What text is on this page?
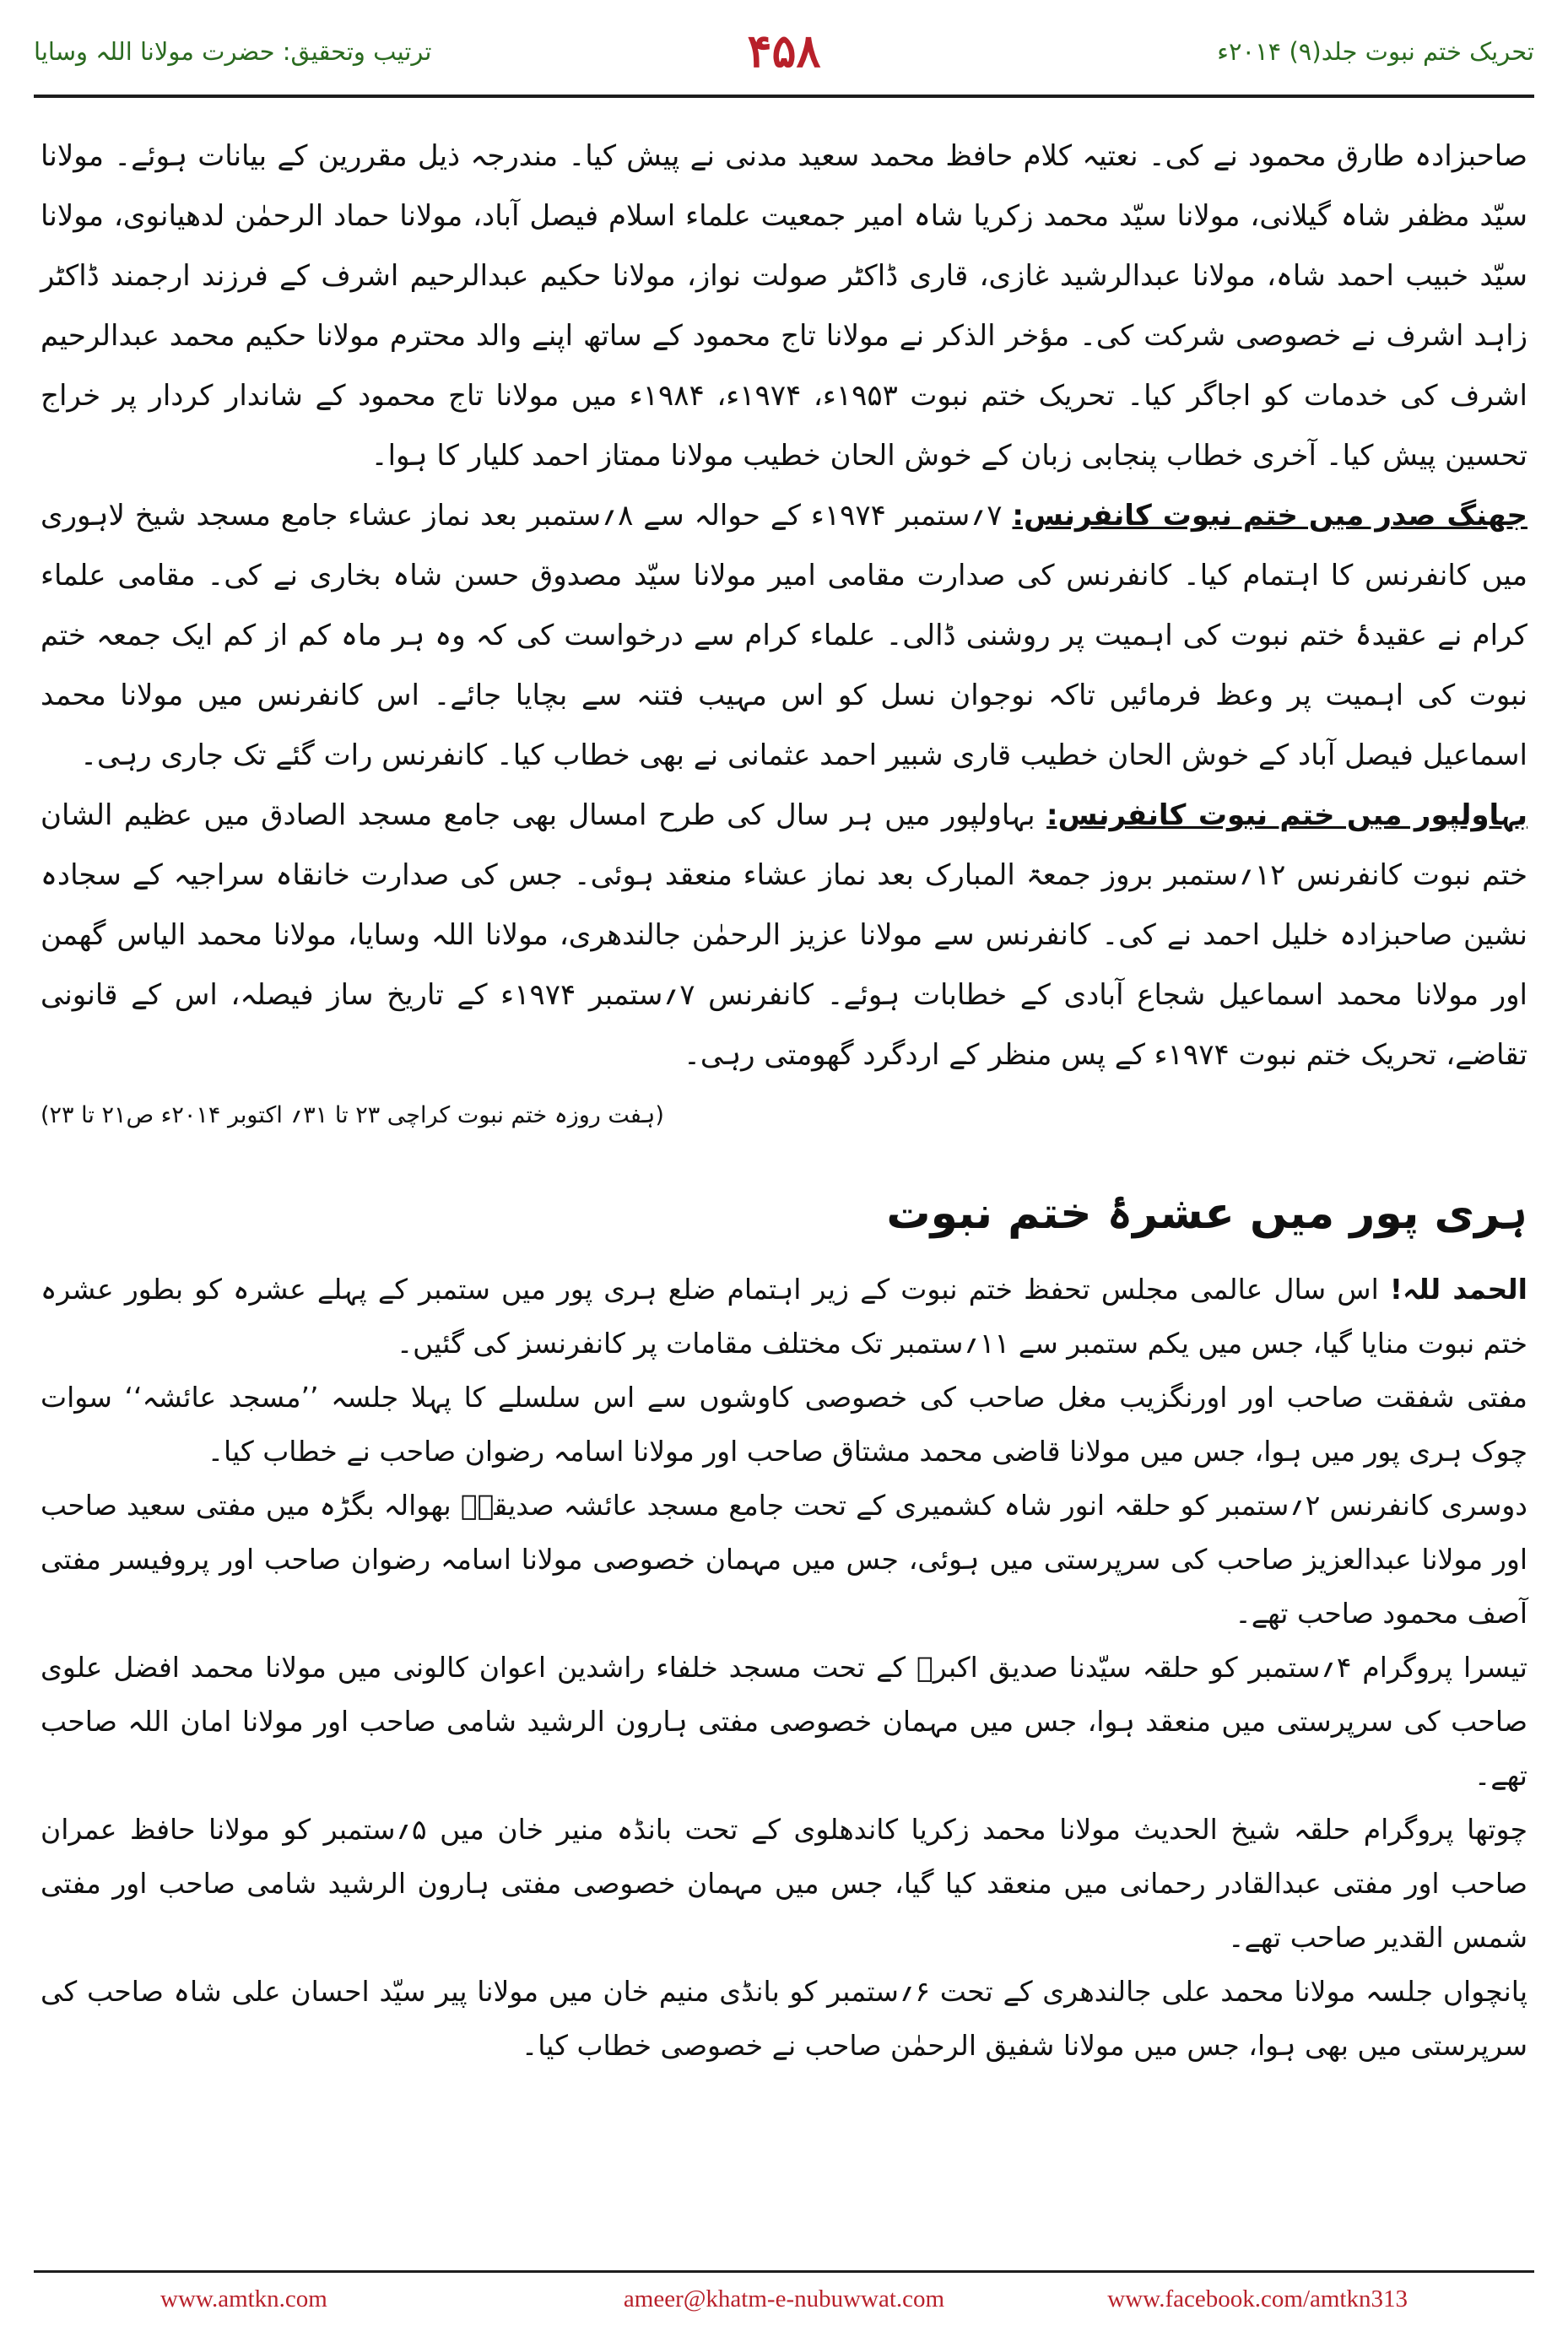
تحریک ختم نبوت جلد(۹) ۲۰۱۴ء
۴۵۸
ترتیب وتحقیق: حضرت مولانا اللہ وسایا

صاحبزادہ طارق محمود نے کی۔ نعتیہ کلام حافظ محمد سعید مدنی نے پیش کیا۔ مندرجہ ذیل مقررین کے بیانات ہوئے۔ مولانا سیّد مظفر شاہ گیلانی، مولانا سیّد محمد زکریا شاہ امیر جمعیت علماء اسلام فیصل آباد، مولانا حماد الرحمٰن لدھیانوی، مولانا سیّد خبیب احمد شاہ، مولانا عبدالرشید غازی، قاری ڈاکٹر صولت نواز، مولانا حکیم عبدالرحیم اشرف کے فرزند ارجمند ڈاکٹر زاہد اشرف نے خصوصی شرکت کی۔ مؤخر الذکر نے مولانا تاج محمود کے ساتھ اپنے والد محترم مولانا حکیم محمد عبدالرحیم اشرف کی خدمات کو اجاگر کیا۔ تحریک ختم نبوت ۱۹۵۳ء، ۱۹۷۴ء، ۱۹۸۴ء میں مولانا تاج محمود کے شاندار کردار پر خراج تحسین پیش کیا۔ آخری خطاب پنجابی زبان کے خوش الحان خطیب مولانا ممتاز احمد کلیار کا ہوا۔

جھنگ صدر میں ختم نبوت کانفرنس: ۷؍ستمبر ۱۹۷۴ء کے حوالہ سے ۸؍ستمبر بعد نماز عشاء جامع مسجد شیخ لاہوری میں کانفرنس کا اہتمام کیا۔ کانفرنس کی صدارت مقامی امیر مولانا سیّد مصدوق حسن شاہ بخاری نے کی۔ مقامی علماء کرام نے عقیدۂ ختم نبوت کی اہمیت پر روشنی ڈالی۔ علماء کرام سے درخواست کی کہ وہ ہر ماہ کم از کم ایک جمعہ ختم نبوت کی اہمیت پر وعظ فرمائیں تاکہ نوجوان نسل کو اس مہیب فتنہ سے بچایا جائے۔ اس کانفرنس میں مولانا محمد اسماعیل فیصل آباد کے خوش الحان خطیب قاری شبیر احمد عثمانی نے بھی خطاب کیا۔ کانفرنس رات گئے تک جاری رہی۔

بہاولپور میں ختم نبوت کانفرنس: بہاولپور میں ہر سال کی طرح امسال بھی جامع مسجد الصادق میں عظیم الشان ختم نبوت کانفرنس ۱۲؍ستمبر بروز جمعۃ المبارک بعد نماز عشاء منعقد ہوئی۔ جس کی صدارت خانقاہ سراجیہ کے سجادہ نشین صاحبزادہ خلیل احمد نے کی۔ کانفرنس سے مولانا عزیز الرحمٰن جالندھری، مولانا اللہ وسایا، مولانا محمد الیاس گھمن اور مولانا محمد اسماعیل شجاع آبادی کے خطابات ہوئے۔ کانفرنس ۷؍ستمبر ۱۹۷۴ء کے تاریخ ساز فیصلہ، اس کے قانونی تقاضے، تحریک ختم نبوت ۱۹۷۴ء کے پس منظر کے اردگرد گھومتی رہی۔

(ہفت روزہ ختم نبوت کراچی ۲۳ تا ۳۱؍ اکتوبر ۲۰۱۴ء ص۲۱ تا ۲۳)
ہری پور میں عشرۂ ختم نبوت

الحمد للہ! اس سال عالمی مجلس تحفظ ختم نبوت کے زیر اہتمام ضلع ہری پور میں ستمبر کے پہلے عشرہ کو بطور عشرہ ختم نبوت منایا گیا، جس میں یکم ستمبر سے ۱۱؍ستمبر تک مختلف مقامات پر کانفرنسز کی گئیں۔

مفتی شفقت صاحب اور اورنگزیب مغل صاحب کی خصوصی کاوشوں سے اس سلسلے کا پہلا جلسہ ’’مسجد عائشہ‘‘ سوات چوک ہری پور میں ہوا، جس میں مولانا قاضی محمد مشتاق صاحب اور مولانا اسامہ رضوان صاحب نے خطاب کیا۔

دوسری کانفرنس ۲؍ستمبر کو حلقہ انور شاہ کشمیری کے تحت جامع مسجد عائشہ صدیقہؓ بھوالہ بگڑہ میں مفتی سعید صاحب اور مولانا عبدالعزیز صاحب کی سرپرستی میں ہوئی، جس میں مہمان خصوصی مولانا اسامہ رضوان صاحب اور پروفیسر مفتی آصف محمود صاحب تھے۔

تیسرا پروگرام ۴؍ستمبر کو حلقہ سیّدنا صدیق اکبرؓ کے تحت مسجد خلفاء راشدین اعوان کالونی میں مولانا محمد افضل علوی صاحب کی سرپرستی میں منعقد ہوا، جس میں مہمان خصوصی مفتی ہارون الرشید شامی صاحب اور مولانا امان اللہ صاحب تھے۔

چوتھا پروگرام حلقہ شیخ الحدیث مولانا محمد زکریا کاندھلوی کے تحت بانڈہ منیر خان میں ۵؍ستمبر کو مولانا حافظ عمران صاحب اور مفتی عبدالقادر رحمانی میں منعقد کیا گیا، جس میں مہمان خصوصی مفتی ہارون الرشید شامی صاحب اور مفتی شمس القدیر صاحب تھے۔

پانچواں جلسہ مولانا محمد علی جالندھری کے تحت ۶؍ستمبر کو بانڈی منیم خان میں مولانا پیر سیّد احسان علی شاہ صاحب کی سرپرستی میں بھی ہوا، جس میں مولانا شفیق الرحمٰن صاحب نے خصوصی خطاب کیا۔

www.amtkn.com	ameer@khatm-e-nubuwwat.com	www.facebook.com/amtkn313
